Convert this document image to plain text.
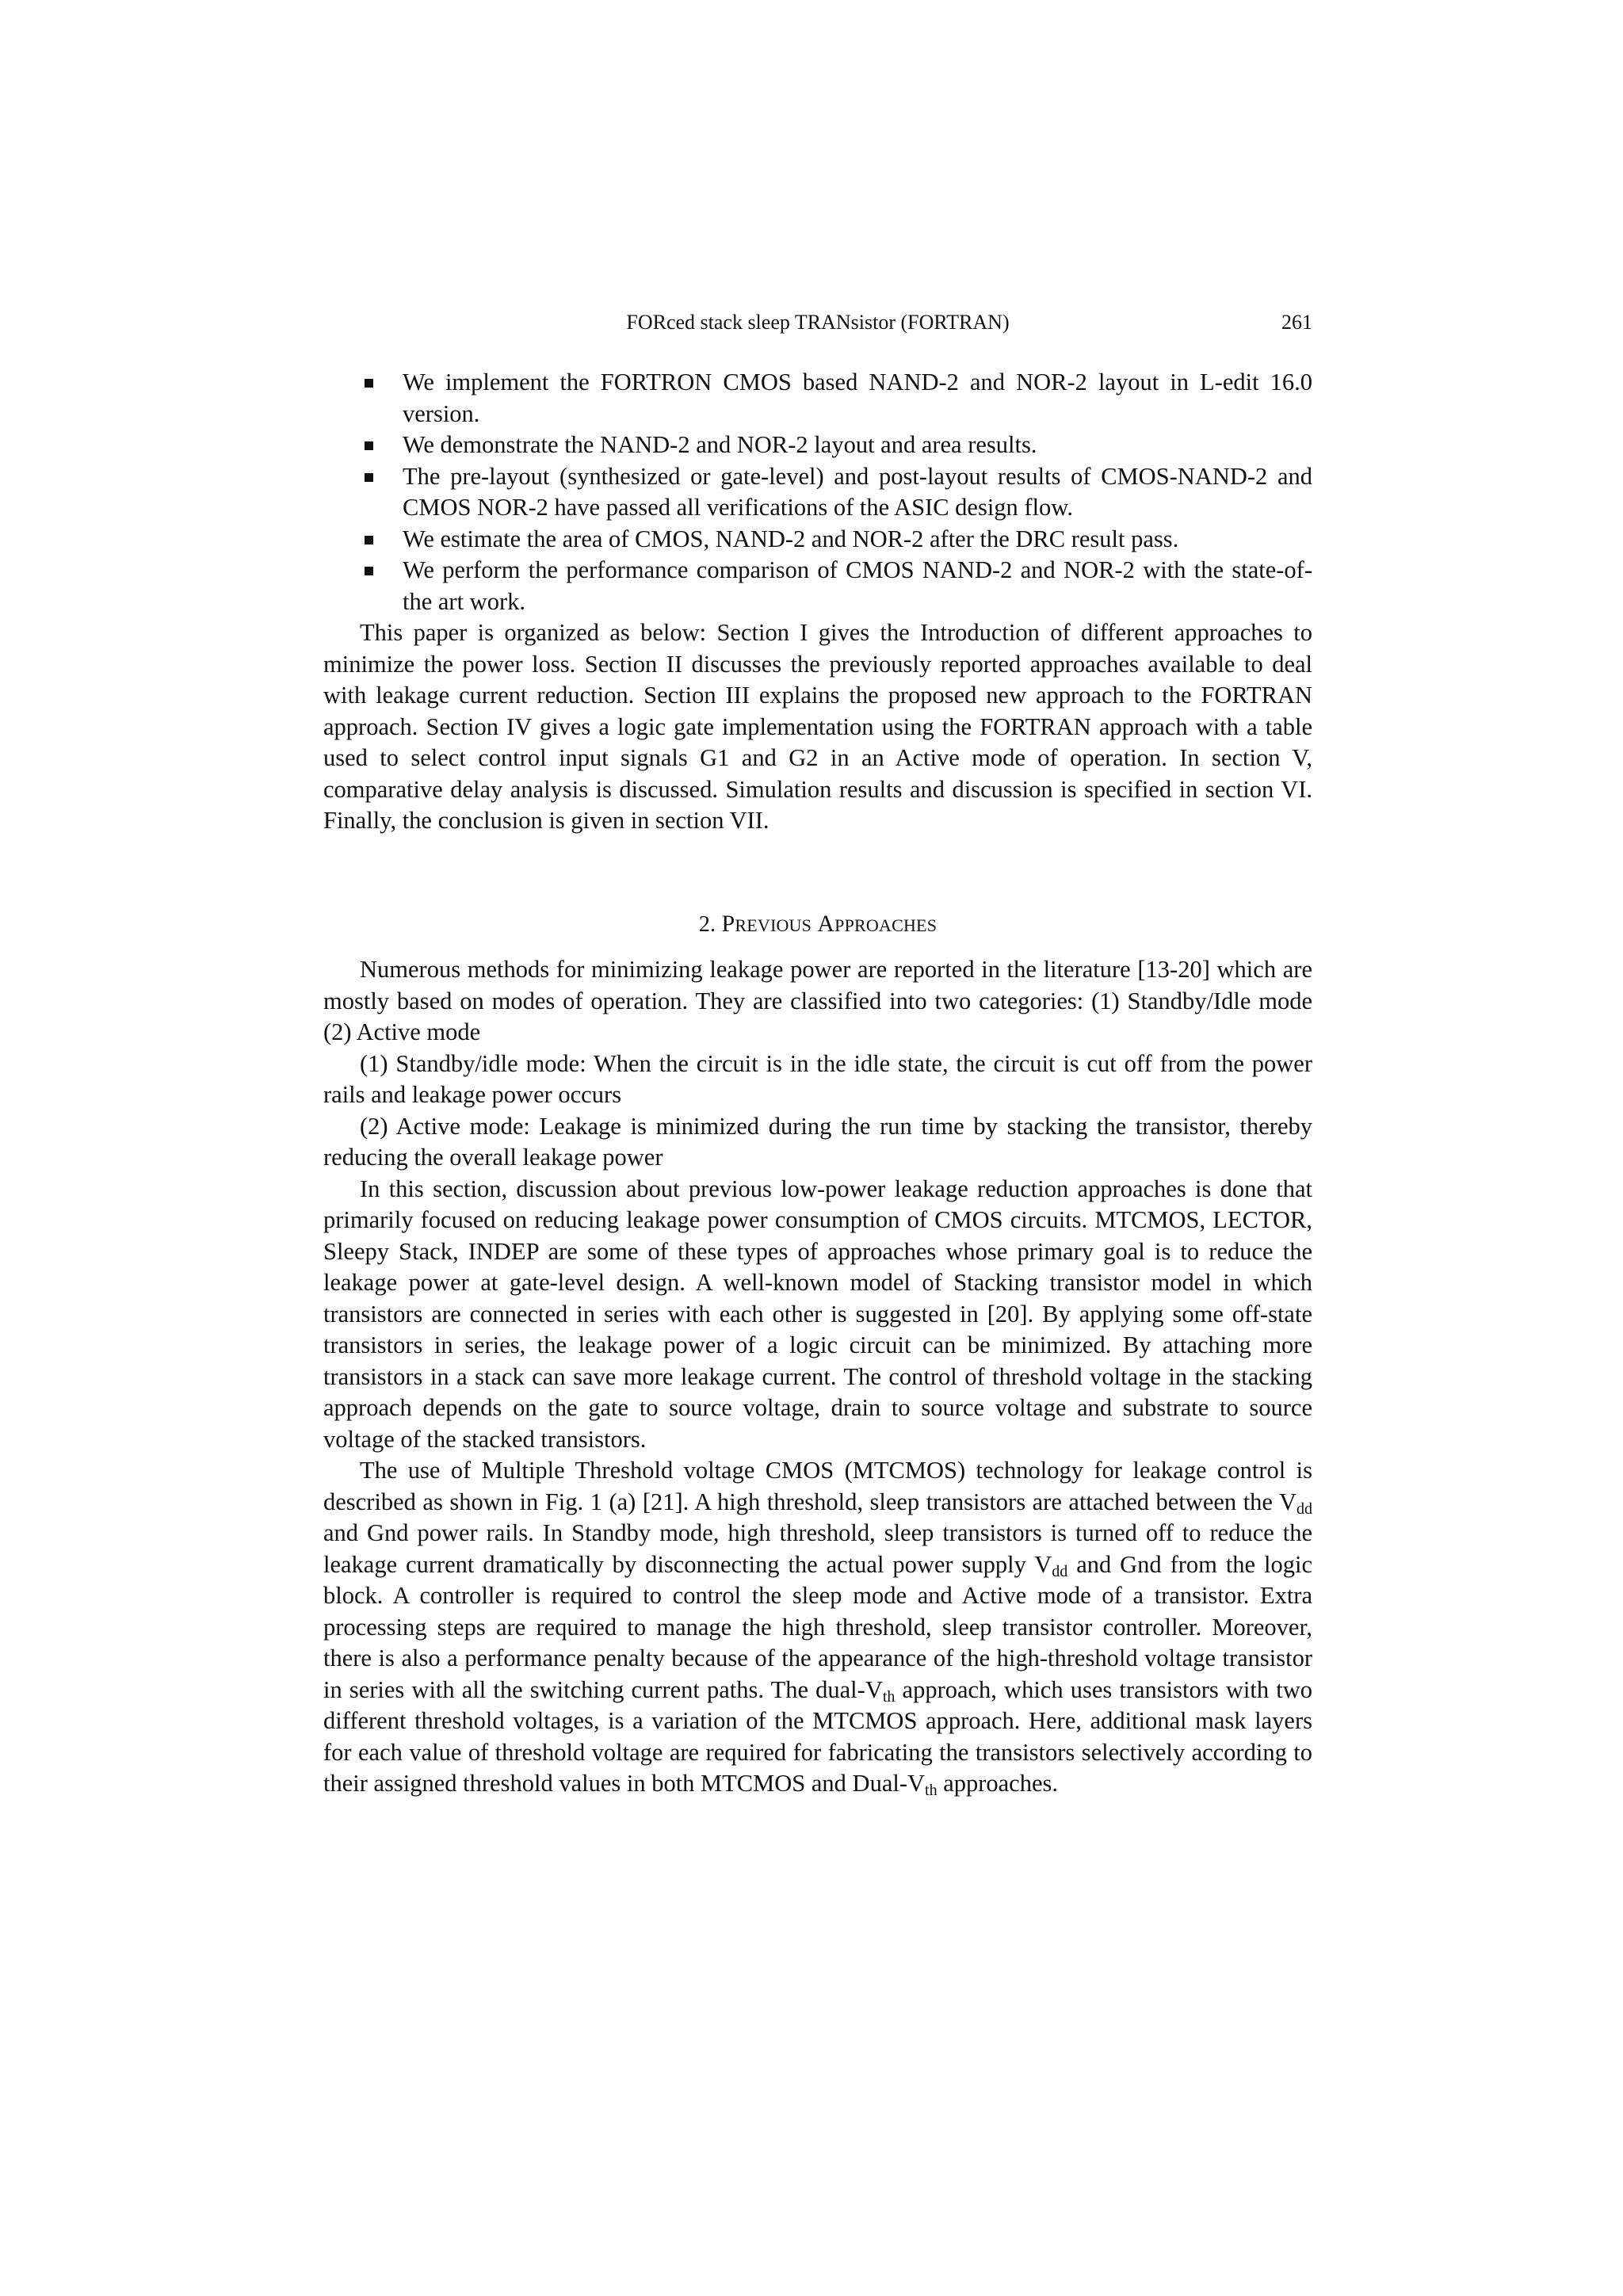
FORced stack sleep TRANsistor (FORTRAN)	261
We implement the FORTRON CMOS based NAND-2 and NOR-2 layout in L-edit 16.0 version.
We demonstrate the NAND-2 and NOR-2 layout and area results.
The pre-layout (synthesized or gate-level) and post-layout results of CMOS-NAND-2 and CMOS NOR-2 have passed all verifications of the ASIC design flow.
We estimate the area of CMOS, NAND-2 and NOR-2 after the DRC result pass.
We perform the performance comparison of CMOS NAND-2 and NOR-2 with the state-of-the art work.

This paper is organized as below: Section I gives the Introduction of different approaches to minimize the power loss. Section II discusses the previously reported approaches available to deal with leakage current reduction. Section III explains the proposed new approach to the FORTRAN approach. Section IV gives a logic gate implementation using the FORTRAN approach with a table used to select control input signals G1 and G2 in an Active mode of operation. In section V, comparative delay analysis is discussed. Simulation results and discussion is specified in section VI. Finally, the conclusion is given in section VII.

2. PREVIOUS APPROACHES

Numerous methods for minimizing leakage power are reported in the literature [13-20] which are mostly based on modes of operation. They are classified into two categories: (1) Standby/Idle mode (2) Active mode

(1) Standby/idle mode: When the circuit is in the idle state, the circuit is cut off from the power rails and leakage power occurs

(2) Active mode: Leakage is minimized during the run time by stacking the transistor, thereby reducing the overall leakage power

In this section, discussion about previous low-power leakage reduction approaches is done that primarily focused on reducing leakage power consumption of CMOS circuits. MTCMOS, LECTOR, Sleepy Stack, INDEP are some of these types of approaches whose primary goal is to reduce the leakage power at gate-level design. A well-known model of Stacking transistor model in which transistors are connected in series with each other is suggested in [20]. By applying some off-state transistors in series, the leakage power of a logic circuit can be minimized. By attaching more transistors in a stack can save more leakage current. The control of threshold voltage in the stacking approach depends on the gate to source voltage, drain to source voltage and substrate to source voltage of the stacked transistors.

The use of Multiple Threshold voltage CMOS (MTCMOS) technology for leakage control is described as shown in Fig. 1 (a) [21]. A high threshold, sleep transistors are attached between the $V_{dd}$ and Gnd power rails. In Standby mode, high threshold, sleep transistors is turned off to reduce the leakage current dramatically by disconnecting the actual power supply $V_{dd}$ and Gnd from the logic block. A controller is required to control the sleep mode and Active mode of a transistor. Extra processing steps are required to manage the high threshold, sleep transistor controller. Moreover, there is also a performance penalty because of the appearance of the high-threshold voltage transistor in series with all the switching current paths. The dual-$V_{th}$ approach, which uses transistors with two different threshold voltages, is a variation of the MTCMOS approach. Here, additional mask layers for each value of threshold voltage are required for fabricating the transistors selectively according to their assigned threshold values in both MTCMOS and Dual-$V_{th}$ approaches.
